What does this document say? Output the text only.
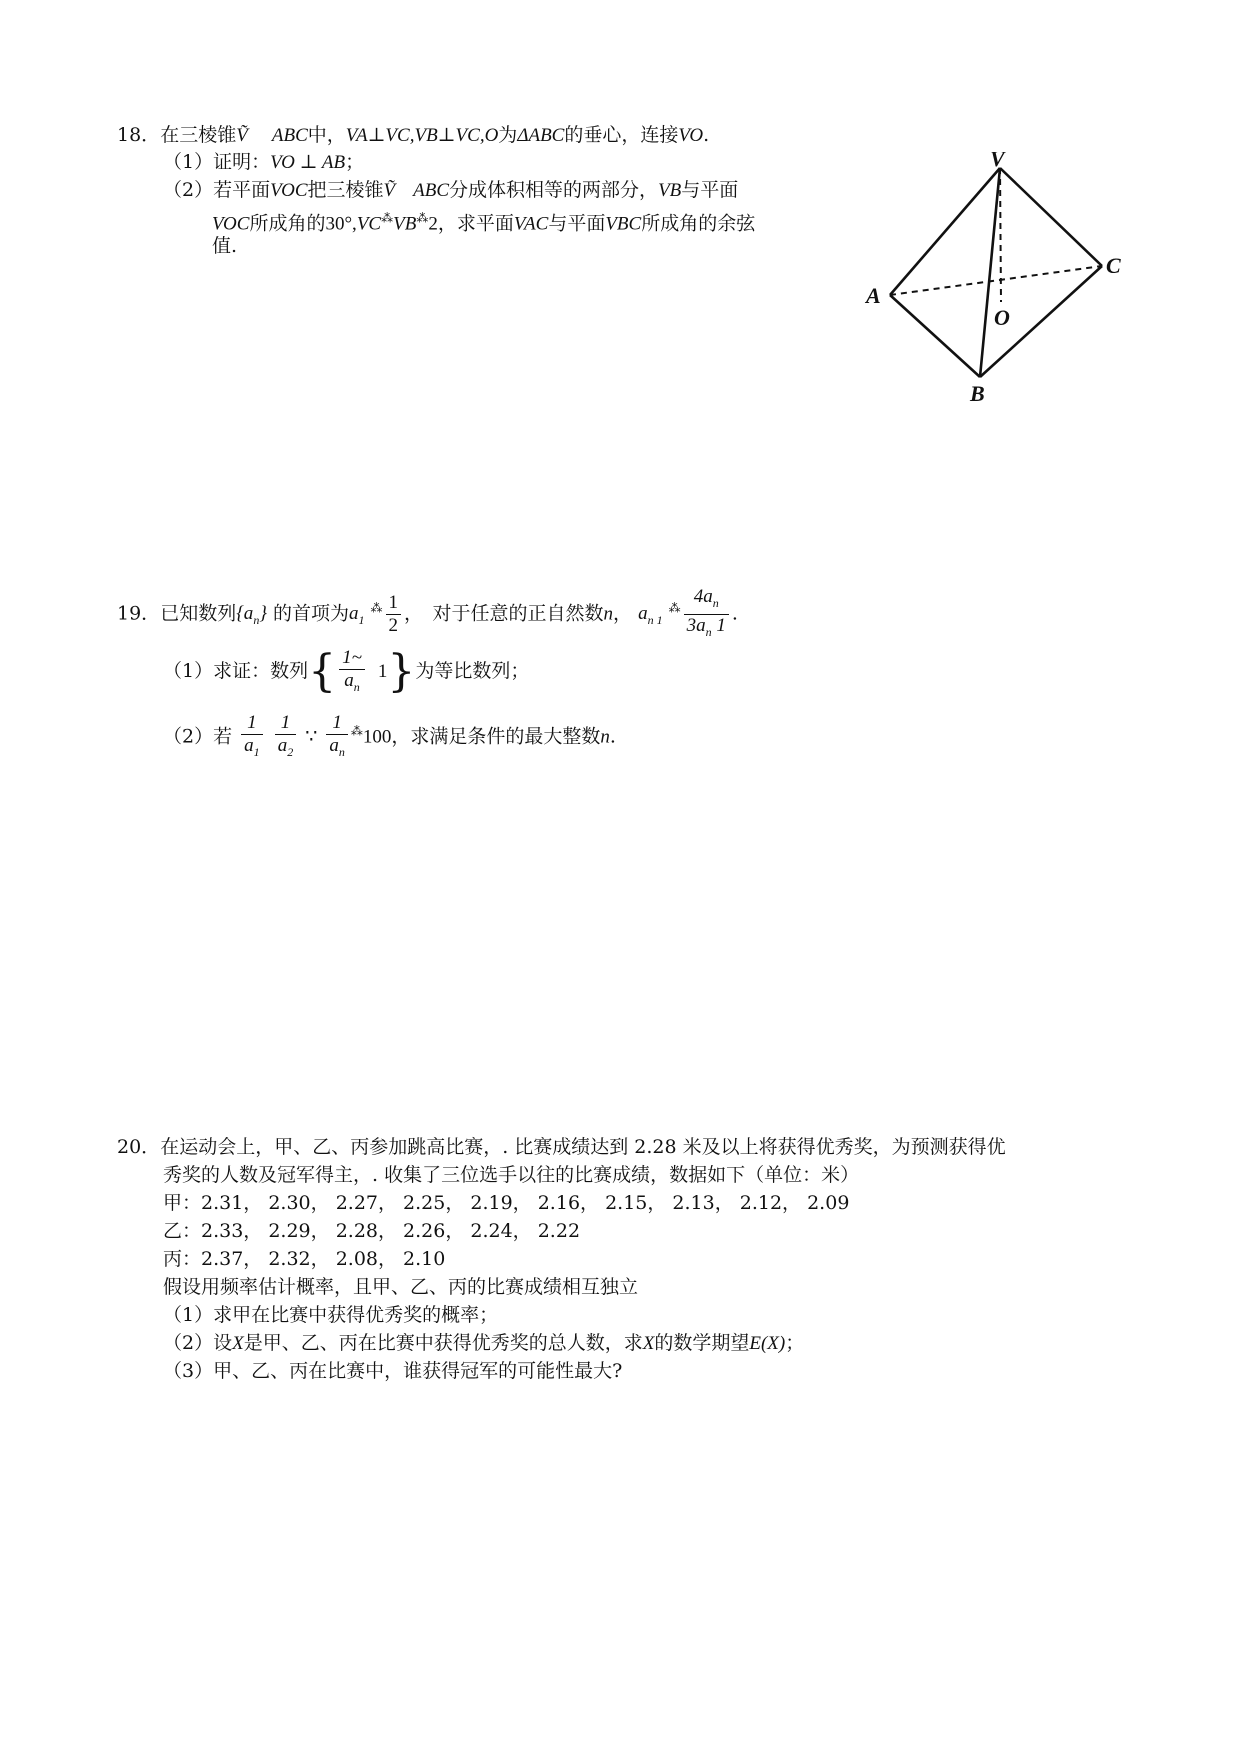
18．在三棱锥Ṽ ABC中，VA⊥VC,VB⊥VC,O为ΔABC的垂心，连接VO.
（1）证明：VO ⊥ AB；
（2）若平面VOC把三棱锥Ṽ ABC分成体积相等的两部分，VB与平面
VOC所成角的30°,VC⁂VB⁂2，求平面VAC与平面VBC所成角的余弦
值.
V
A
C
O
B
19．已知数列$\{a_n\}$ 的首项为$a_1$ $^⁂ \frac{1}{2}$ ，　对于任意的正自然数n， $a_{n 1}$ $^⁂ \frac{4a_n}{3a_n 1}$ .
（1）求证：数列{ $\frac{1\sim}{a_n} 1$}为等比数列；
（2）若 $\frac{1}{a_1}$
$\frac{1}{a_2}$ ∵ $\frac{1}{a_n} ^⁂100$，求满足条件的最大整数n.
20．在运动会上，甲、乙、丙参加跳高比赛，. 比赛成绩达到 2.28 米及以上将获得优秀奖，为预测获得优
秀奖的人数及冠军得主，. 收集了三位选手以往的比赛成绩，数据如下（单位：米）
甲：2.31， 2.30， 2.27， 2.25， 2.19， 2.16， 2.15， 2.13， 2.12， 2.09
乙：2.33， 2.29， 2.28， 2.26， 2.24， 2.22
丙：2.37， 2.32， 2.08， 2.10
假设用频率估计概率，且甲、乙、丙的比赛成绩相互独立
（1）求甲在比赛中获得优秀奖的概率；
（2）设X是甲、乙、丙在比赛中获得优秀奖的总人数，求X的数学期望E(X)；
（3）甲、乙、丙在比赛中，谁获得冠军的可能性最大?
